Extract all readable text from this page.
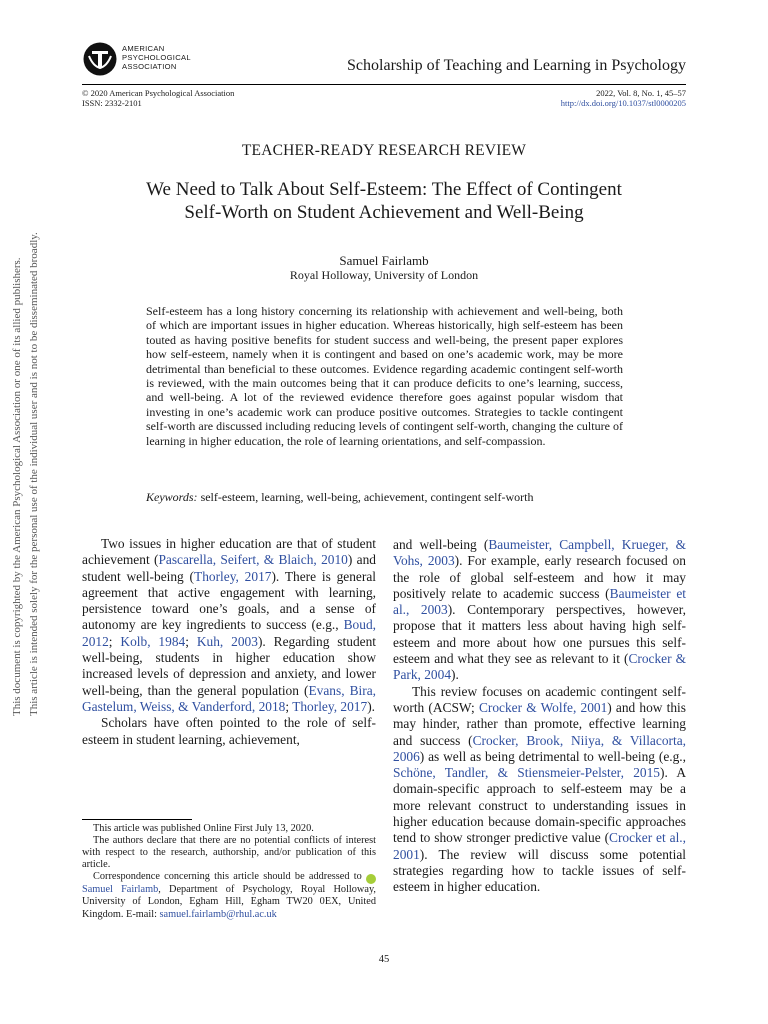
AMERICAN
PSYCHOLOGICAL
ASSOCIATION	Scholarship of Teaching and Learning in Psychology
© 2020 American Psychological Association
ISSN: 2332-2101
2022, Vol. 8, No. 1, 45–57
http://dx.doi.org/10.1037/stl0000205
TEACHER-READY RESEARCH REVIEW
We Need to Talk About Self-Esteem: The Effect of Contingent
Self-Worth on Student Achievement and Well-Being
Samuel Fairlamb
Royal Holloway, University of London
Self-esteem has a long history concerning its relationship with achievement and well-being, both of which are important issues in higher education. Whereas historically, high self-esteem has been touted as having positive benefits for student success and well-being, the present paper explores how self-esteem, namely when it is contingent and based on one’s academic work, may be more detrimental than beneficial to these outcomes. Evidence regarding academic contingent self-worth is reviewed, with the main outcomes being that it can produce deficits to one’s learning, success, and well-being. A lot of the reviewed evidence therefore goes against popular wisdom that investing in one’s academic work can produce positive outcomes. Strategies to tackle contingent self-worth are discussed including reducing levels of contingent self-worth, changing the culture of learning in higher education, the role of learning orientations, and self-compassion.
Keywords: self-esteem, learning, well-being, achievement, contingent self-worth
This document is copyrighted by the American Psychological Association or one of its allied publishers. This article is intended solely for the personal use of the individual user and is not to be disseminated broadly.	Two issues in higher education are that of student achievement (Pascarella, Seifert, & Blaich, 2010) and student well-being (Thorley, 2017). There is general agreement that active engagement with learning, persistence toward one’s goals, and a sense of autonomy are key ingredients to success (e.g., Boud, 2012; Kolb, 1984; Kuh, 2003). Regarding student well-being, students in higher education show increased levels of depression and anxiety, and lower well-being, than the general population (Evans, Bira, Gastelum, Weiss, & Vanderford, 2018; Thorley, 2017).

Scholars have often pointed to the role of self-esteem in student learning, achievement,

and well-being (Baumeister, Campbell, Krueger, & Vohs, 2003). For example, early research focused on the role of global self-esteem and how it may positively relate to academic success (Baumeister et al., 2003). Contemporary perspectives, however, propose that it matters less about having high self-esteem and more about how one pursues this self-esteem and what they see as relevant to it (Crocker & Park, 2004).

This review focuses on academic contingent self-worth (ACSW; Crocker & Wolfe, 2001) and how this may hinder, rather than promote, effective learning and success (Crocker, Brook, Niiya, & Villacorta, 2006) as well as being detrimental to well-being (e.g., Schöne, Tandler, & Stiensmeier-Pelster, 2015). A domain-specific approach to self-esteem may be a more relevant construct to understanding issues in higher education because domain-specific approaches tend to show stronger predictive value (Crocker et al., 2001). The review will discuss some potential strategies regarding how to tackle issues of self-esteem in higher education.

This article was published Online First July 13, 2020.

The authors declare that there are no potential conflicts of interest with respect to the research, authorship, and/or publication of this article.

Correspondence concerning this article should be addressed to iD Samuel Fairlamb, Department of Psychology, Royal Holloway, University of London, Egham Hill, Egham TW20 0EX, United Kingdom. E-mail: samuel.fairlamb@rhul.ac.uk

45
